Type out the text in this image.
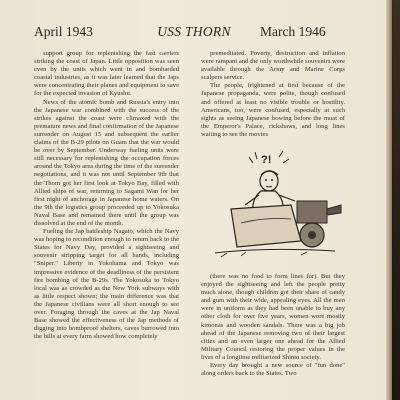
April 1943	USS THORN	March 1946

support group for replenishing the fast carriers striking the coast of Japan. Little opposition was seen even by the units which went in and bombarded coastal industries, as it was later learned that the Japs were concentrating their planes and equipment to save for the expected invasion of Kyushu.

News of the atomic bomb and Russia's entry into the Japanese war combined with the success of the strikes against the coast were climaxed with the premature news and final confirmation of the Japanese surrender on August 15 and subsequent the earlier claims of the B-29 pilots on Guam that the war would be over by September. Underway fueling units were still necessary for replenishing the occupation forces around the Tokyo area during the time of the surrender negotiations, and it was not until September 9th that the Thorn got her first look at Tokyo Bay, filled with Allied ships of war, returning to Sagami Wan for her first night of anchorage in Japanese home waters. On the 9th the logistics group proceeded up to Yokosuka Naval Base and remained there until the group was dissolved at the end of the month.

Fueling the Jap battleship Nagato, which the Navy was hoping to recondition enough to return back to the States for Navy Day, provided a sightseeing and souvenir stripping target for all hands, including "Sniper." Liberty in Yokohama and Tokyo was impressive evidence of the deadliness of the persistent fire bombing of the B-29s. The Yokosuka to Tokyo local was as crowded as the New York subways with as little respect shown; the main difference was that the Japanese civilians were all short enough to see over. Foraging through the caves at the Jap Naval Base showed the effectiveness of the Jap methods of digging into bombproof shelters, caves burrowed into the hills at every farm showed how completely

premeditated. Poverty, destruction and inflation were rampant and the only worthwhile souvenirs were available through the Army and Marine Corps scalpers service.

The people, frightened at first because of the Japanese propaganda, were polite, though confused and offered at least no visible trouble or hostility. Americans, too, were confused, especially at such sights as seeing Japanese bowing before the moat of the Emperor's Palace, rickshaws, and long lines waiting to see the movies

?!

(there was no food to form lines for). But they enjoyed the sightseeing and left the people pretty much alone, though children got their share of candy and gum with their wide, appealing eyes. All the men were in uniform as they had been unable to buy any other cloth for over five years, women wore mostly kimonas and wooden sandals. There was a big job ahead of the Japanese removing two of their largest cities and an even larger one ahead for the Allied Military Council restoring the proper values in the lives of a longtime militarized Shinto society.

Every day brought a new source of "fun done" along orders back to the States. Two
